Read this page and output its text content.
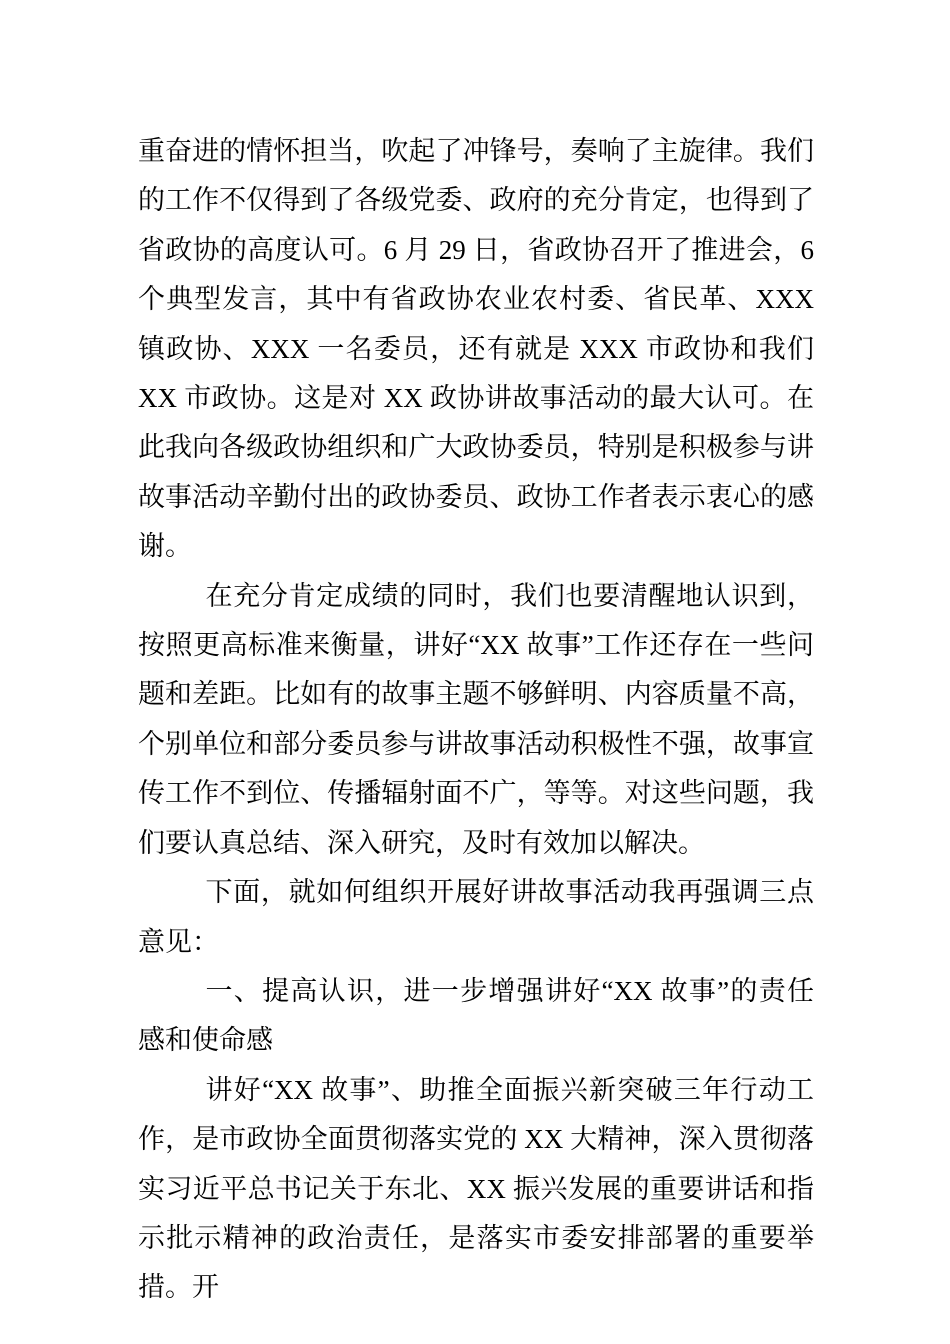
重奋进的情怀担当，吹起了冲锋号，奏响了主旋律。我们的工作不仅得到了各级党委、政府的充分肯定，也得到了省政协的高度认可。6 月 29 日，省政协召开了推进会，6 个典型发言，其中有省政协农业农村委、省民革、XXX 镇政协、XXX 一名委员，还有就是 XXX 市政协和我们 XX 市政协。这是对 XX 政协讲故事活动的最大认可。在此我向各级政协组织和广大政协委员，特别是积极参与讲故事活动辛勤付出的政协委员、政协工作者表示衷心的感谢。

在充分肯定成绩的同时，我们也要清醒地认识到，按照更高标准来衡量，讲好“XX 故事”工作还存在一些问题和差距。比如有的故事主题不够鲜明、内容质量不高，个别单位和部分委员参与讲故事活动积极性不强，故事宣传工作不到位、传播辐射面不广，等等。对这些问题，我们要认真总结、深入研究，及时有效加以解决。

下面，就如何组织开展好讲故事活动我再强调三点意见：

一、提高认识，进一步增强讲好“XX 故事”的责任感和使命感

讲好“XX 故事”、助推全面振兴新突破三年行动工作，是市政协全面贯彻落实党的 XX 大精神，深入贯彻落实习近平总书记关于东北、XX 振兴发展的重要讲话和指示批示精神的政治责任，是落实市委安排部署的重要举措。开
